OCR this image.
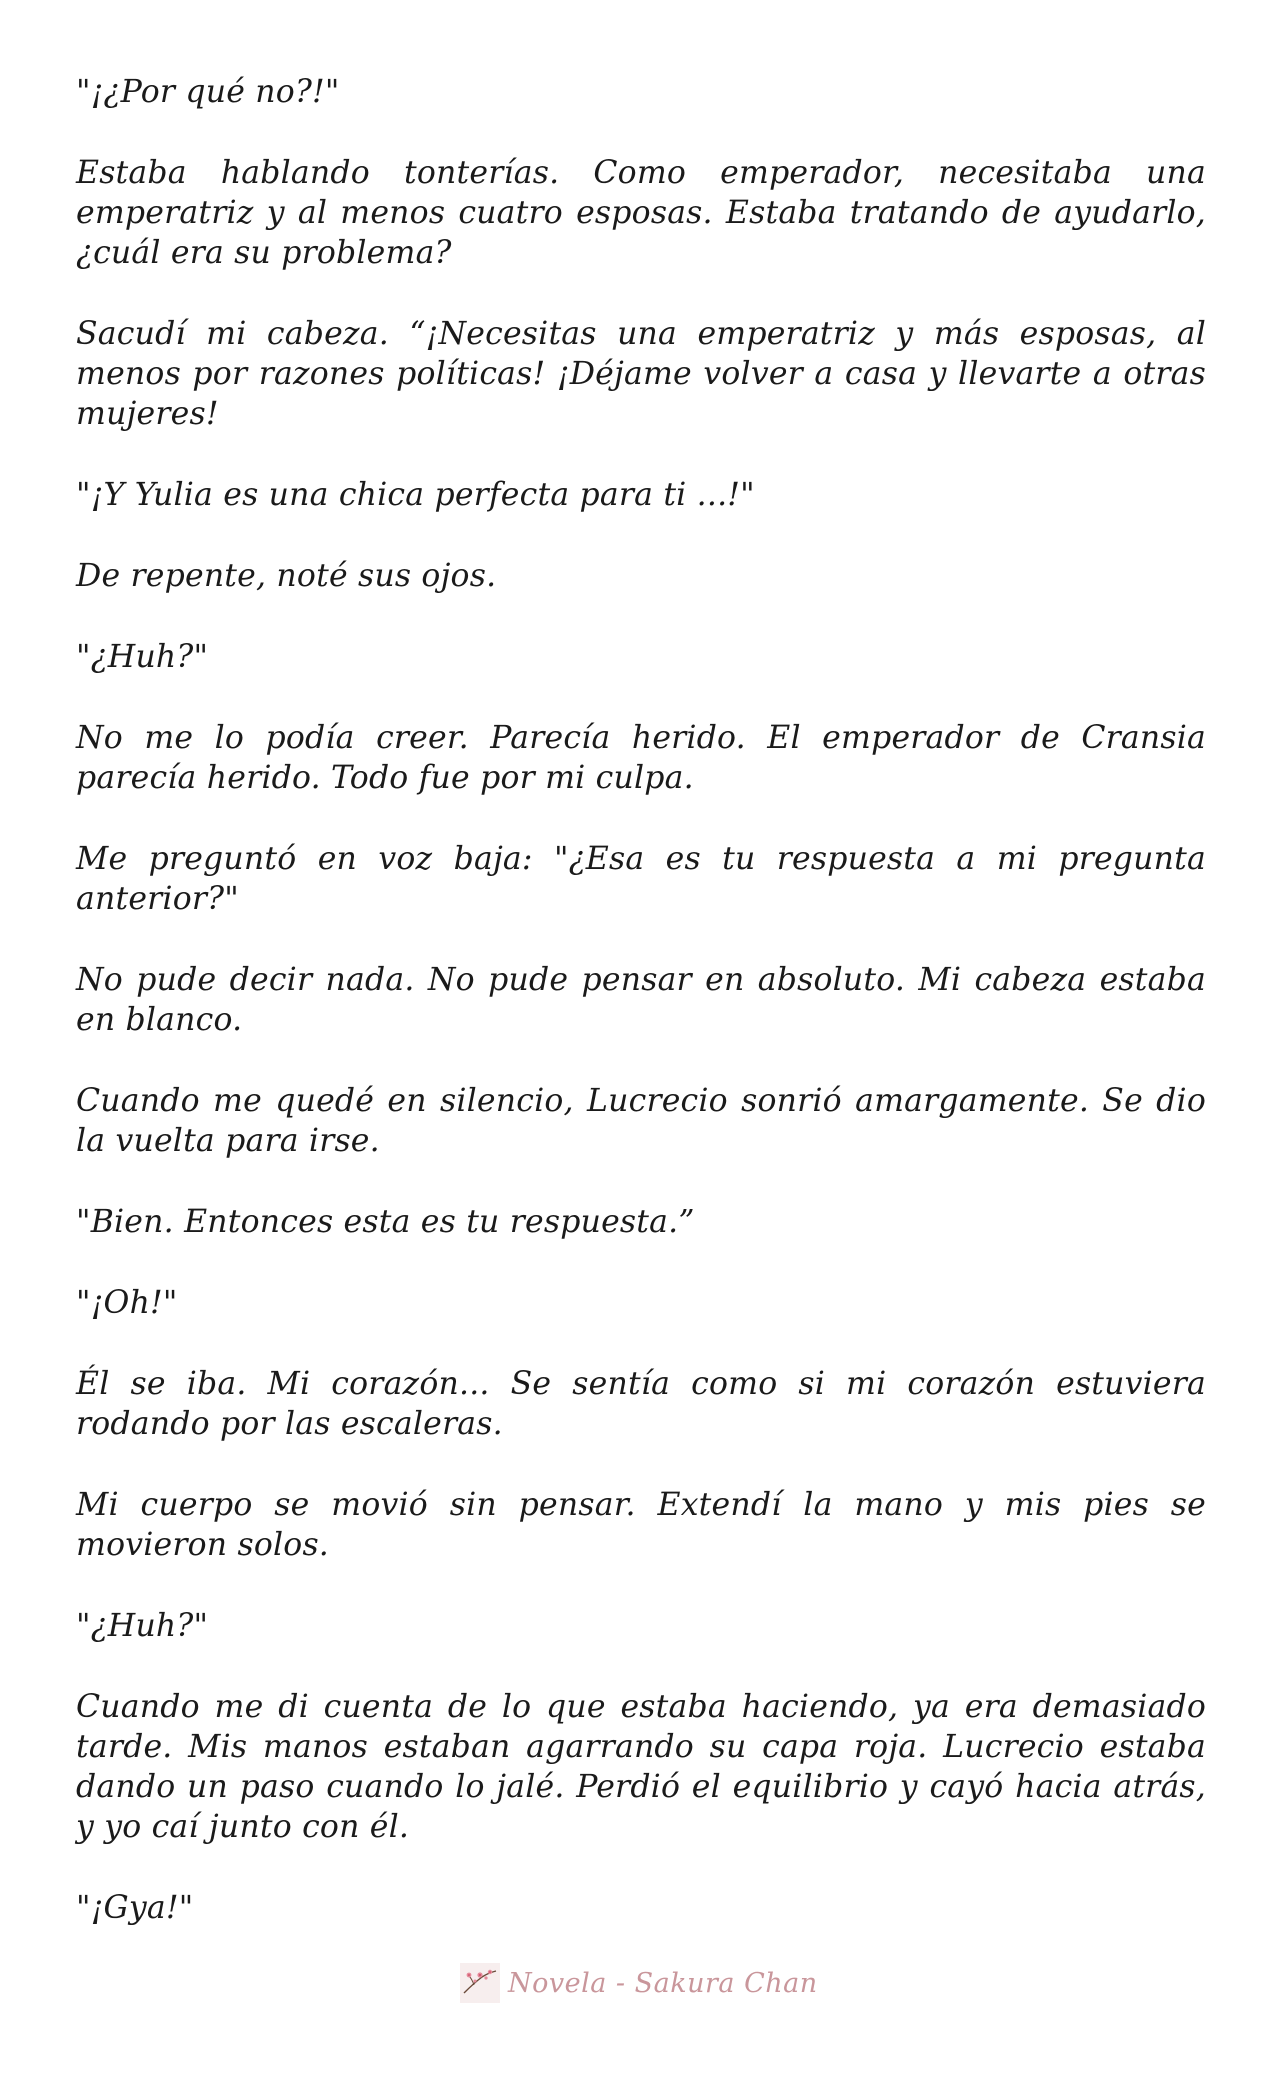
"¡¿Por qué no?!"

Estaba hablando tonterías. Como emperador, necesitaba una emperatriz y al menos cuatro esposas. Estaba tratando de ayudarlo, ¿cuál era su problema?

Sacudí mi cabeza. “¡Necesitas una emperatriz y más esposas, al menos por razones políticas! ¡Déjame volver a casa y llevarte a otras mujeres!

"¡Y Yulia es una chica perfecta para ti ...!"

De repente, noté sus ojos.

"¿Huh?"

No me lo podía creer. Parecía herido. El emperador de Cransia parecía herido. Todo fue por mi culpa.

Me preguntó en voz baja: "¿Esa es tu respuesta a mi pregunta anterior?"

No pude decir nada. No pude pensar en absoluto. Mi cabeza estaba en blanco.

Cuando me quedé en silencio, Lucrecio sonrió amargamente. Se dio la vuelta para irse.

"Bien. Entonces esta es tu respuesta.”

"¡Oh!"

Él se iba. Mi corazón... Se sentía como si mi corazón estuviera rodando por las escaleras.

Mi cuerpo se movió sin pensar. Extendí la mano y mis pies se movieron solos.

"¿Huh?"

Cuando me di cuenta de lo que estaba haciendo, ya era demasiado tarde. Mis manos estaban agarrando su capa roja. Lucrecio estaba dando un paso cuando lo jalé. Perdió el equilibrio y cayó hacia atrás, y yo caí junto con él.

"¡Gya!"

Novela - Sakura Chan
